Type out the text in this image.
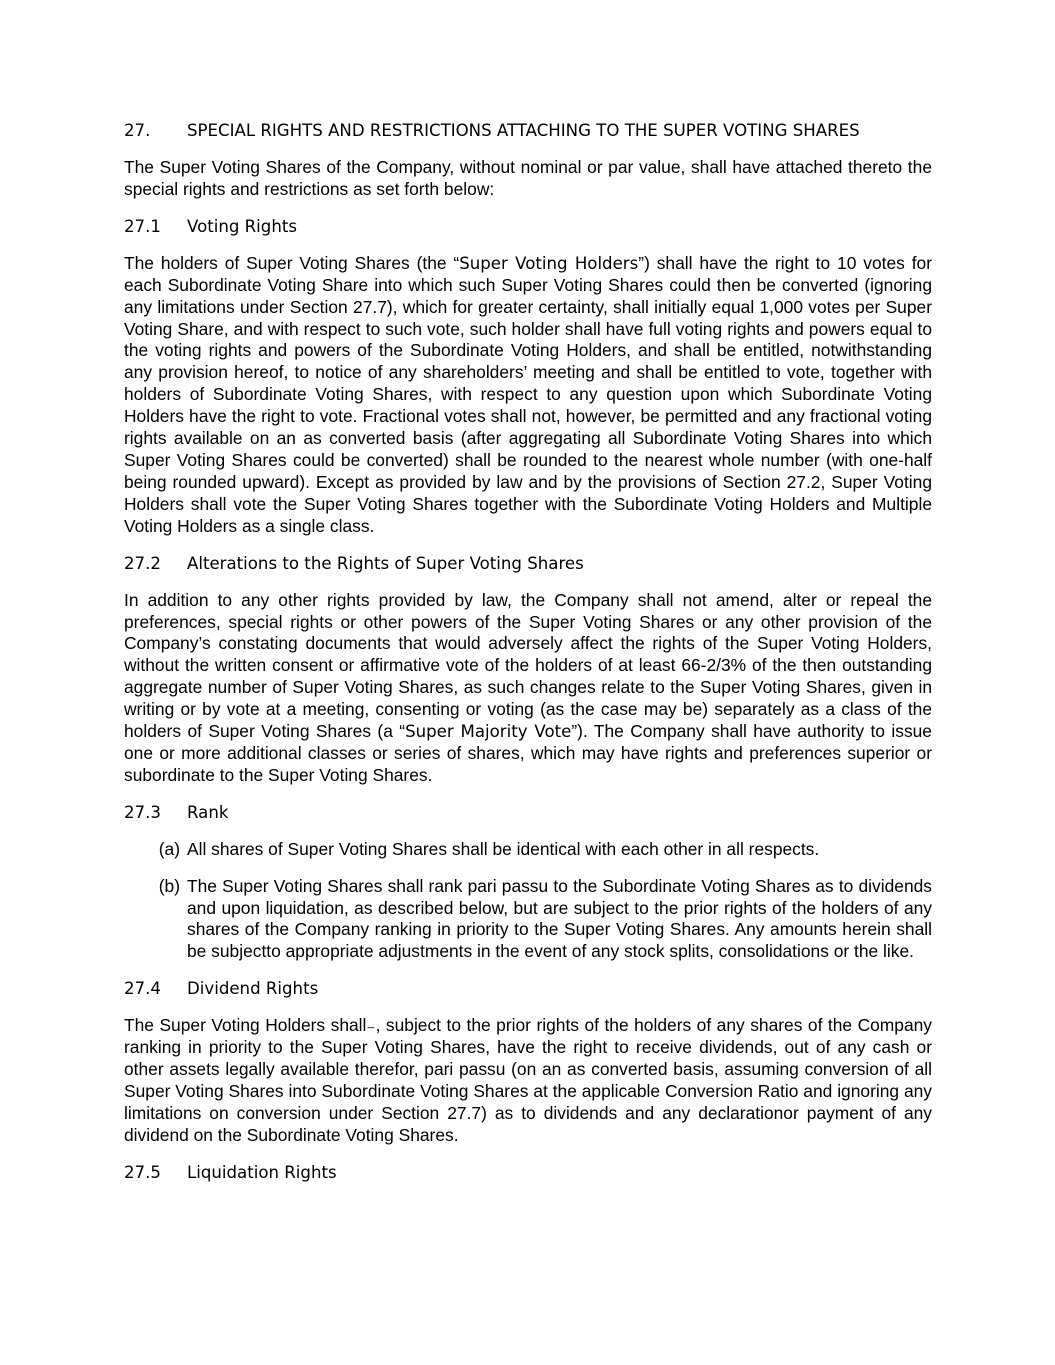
27.	SPECIAL RIGHTS AND RESTRICTIONS ATTACHING TO THE SUPER VOTING SHARES

The Super Voting Shares of the Company, without nominal or par value, shall have attached thereto the special rights and restrictions as set forth below:

27.1	Voting Rights

The holders of Super Voting Shares (the “Super Voting Holders”) shall have the right to 10 votes for each Subordinate Voting Share into which such Super Voting Shares could then be converted (ignoring any limitations under Section 27.7), which for greater certainty, shall initially equal 1,000 votes per Super Voting Share, and with respect to such vote, such holder shall have full voting rights and powers equal to the voting rights and powers of the Subordinate Voting Holders, and shall be entitled, notwithstanding any provision hereof, to notice of any shareholders’ meeting and shall be entitled to vote, together with holders of Subordinate Voting Shares, with respect to any question upon which Subordinate Voting Holders have the right to vote. Fractional votes shall not, however, be permitted and any fractional voting rights available on an as converted basis (after aggregating all Subordinate Voting Shares into which Super Voting Shares could be converted) shall be rounded to the nearest whole number (with one-half being rounded upward). Except as provided by law and by the provisions of Section 27.2, Super Voting Holders shall vote the Super Voting Shares together with the Subordinate Voting Holders and Multiple Voting Holders as a single class.

27.2	Alterations to the Rights of Super Voting Shares

In addition to any other rights provided by law, the Company shall not amend, alter or repeal the preferences, special rights or other powers of the Super Voting Shares or any other provision of the Company’s constating documents that would adversely affect the rights of the Super Voting Holders, without the written consent or affirmative vote of the holders of at least 66-2/3% of the then outstanding aggregate number of Super Voting Shares, as such changes relate to the Super Voting Shares, given in writing or by vote at a meeting, consenting or voting (as the case may be) separately as a class of the holders of Super Voting Shares (a “Super Majority Vote”). The Company shall have authority to issue one or more additional classes or series of shares, which may have rights and preferences superior or subordinate to the Super Voting Shares.

27.3	Rank
(a) All shares of Super Voting Shares shall be identical with each other in all respects.
(b) The Super Voting Shares shall rank pari passu to the Subordinate Voting Shares as to dividends and upon liquidation, as described below, but are subject to the prior rights of the holders of any shares of the Company ranking in priority to the Super Voting Shares. Any amounts herein shall be subjectto appropriate adjustments in the event of any stock splits, consolidations or the like.
27.4	Dividend Rights

The Super Voting Holders shall₋, subject to the prior rights of the holders of any shares of the Company ranking in priority to the Super Voting Shares, have the right to receive dividends, out of any cash or other assets legally available therefor, pari passu (on an as converted basis, assuming conversion of all Super Voting Shares into Subordinate Voting Shares at the applicable Conversion Ratio and ignoring any limitations on conversion under Section 27.7) as to dividends and any declarationor payment of any dividend on the Subordinate Voting Shares.

27.5	Liquidation Rights
